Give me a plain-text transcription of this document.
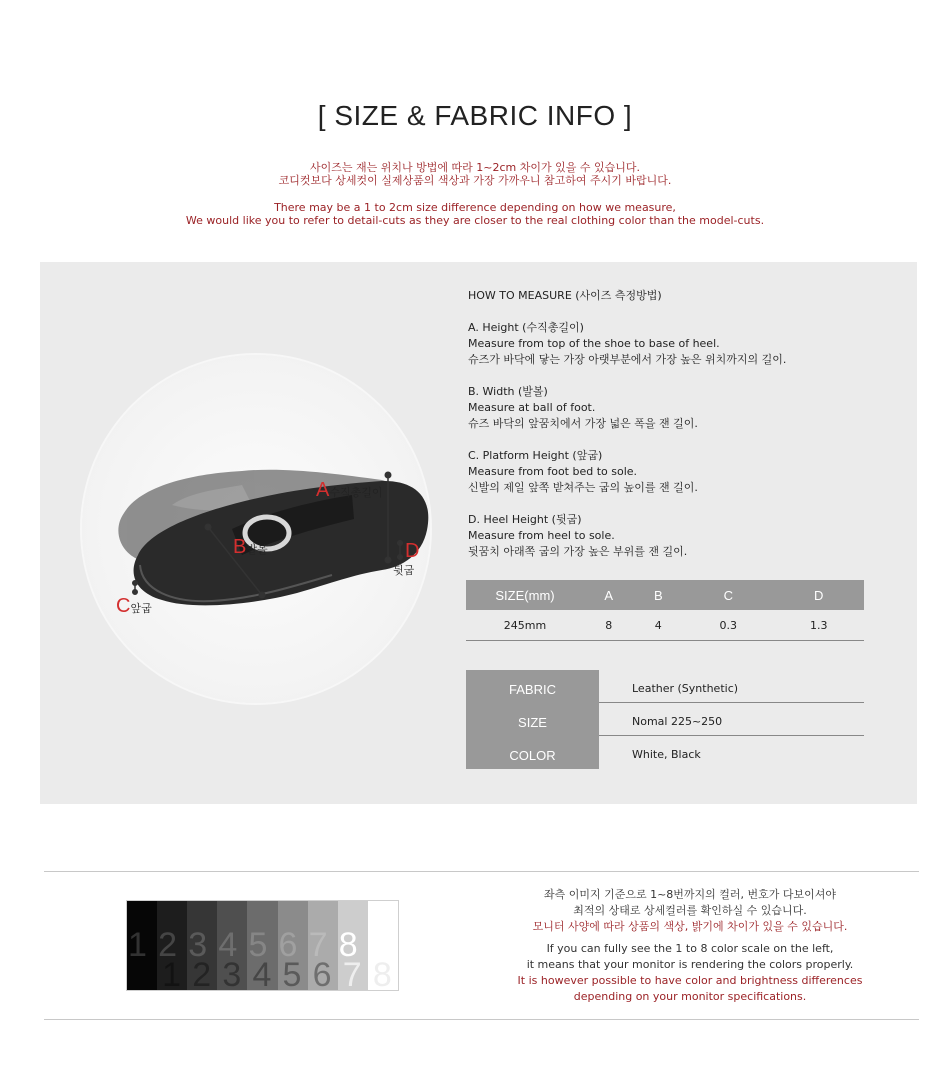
[ SIZE & FABRIC INFO ]
사이즈는 재는 위치나 방법에 따라 1~2cm 차이가 있을 수 있습니다.
코디컷보다 상세컷이 실제상품의 색상과 가장 가까우니 참고하여 주시기 바랍니다.
There may be a 1 to 2cm size difference depending on how we measure,
We would like you to refer to detail-cuts as they are closer to the real clothing color than the model-cuts.
A수직총길이
B발볼
C앞굽
D
뒷굽
HOW TO MEASURE (사이즈 측정방법)
A. Height (수직총길이)
Measure from top of the shoe to base of heel.
슈즈가 바닥에 닿는 가장 아랫부분에서 가장 높은 위치까지의 길이.
B. Width (발볼)
Measure at ball of foot.
슈즈 바닥의 앞꿈치에서 가장 넓은 폭을 잰 길이.
C. Platform Height (앞굽)
Measure from foot bed to sole.
신발의 제일 앞쪽 받쳐주는 굽의 높이를 잰 길이.
D. Heel Height (뒷굽)
Measure from heel to sole.
뒷꿈치 아래쪽 굽의 가장 높은 부위를 잰 길이.
SIZE(mm)	A	B	C	D
245mm	8	4	0.3	1.3
FABRIC	Leather (Synthetic)
SIZE	Nomal 225~250
COLOR	White, Black
1 2
1
3
2
4
3
5
4
6
5
7
6
8
7 8
좌측 이미지 기준으로 1~8번까지의 컬러, 번호가 다보이셔야
최적의 상태로 상세컬러를 확인하실 수 있습니다.
모니터 사양에 따라 상품의 색상, 밝기에 차이가 있을 수 있습니다.
If you can fully see the 1 to 8 color scale on the left,
it means that your monitor is rendering the colors properly.
It is however possible to have color and brightness differences
depending on your monitor specifications.
